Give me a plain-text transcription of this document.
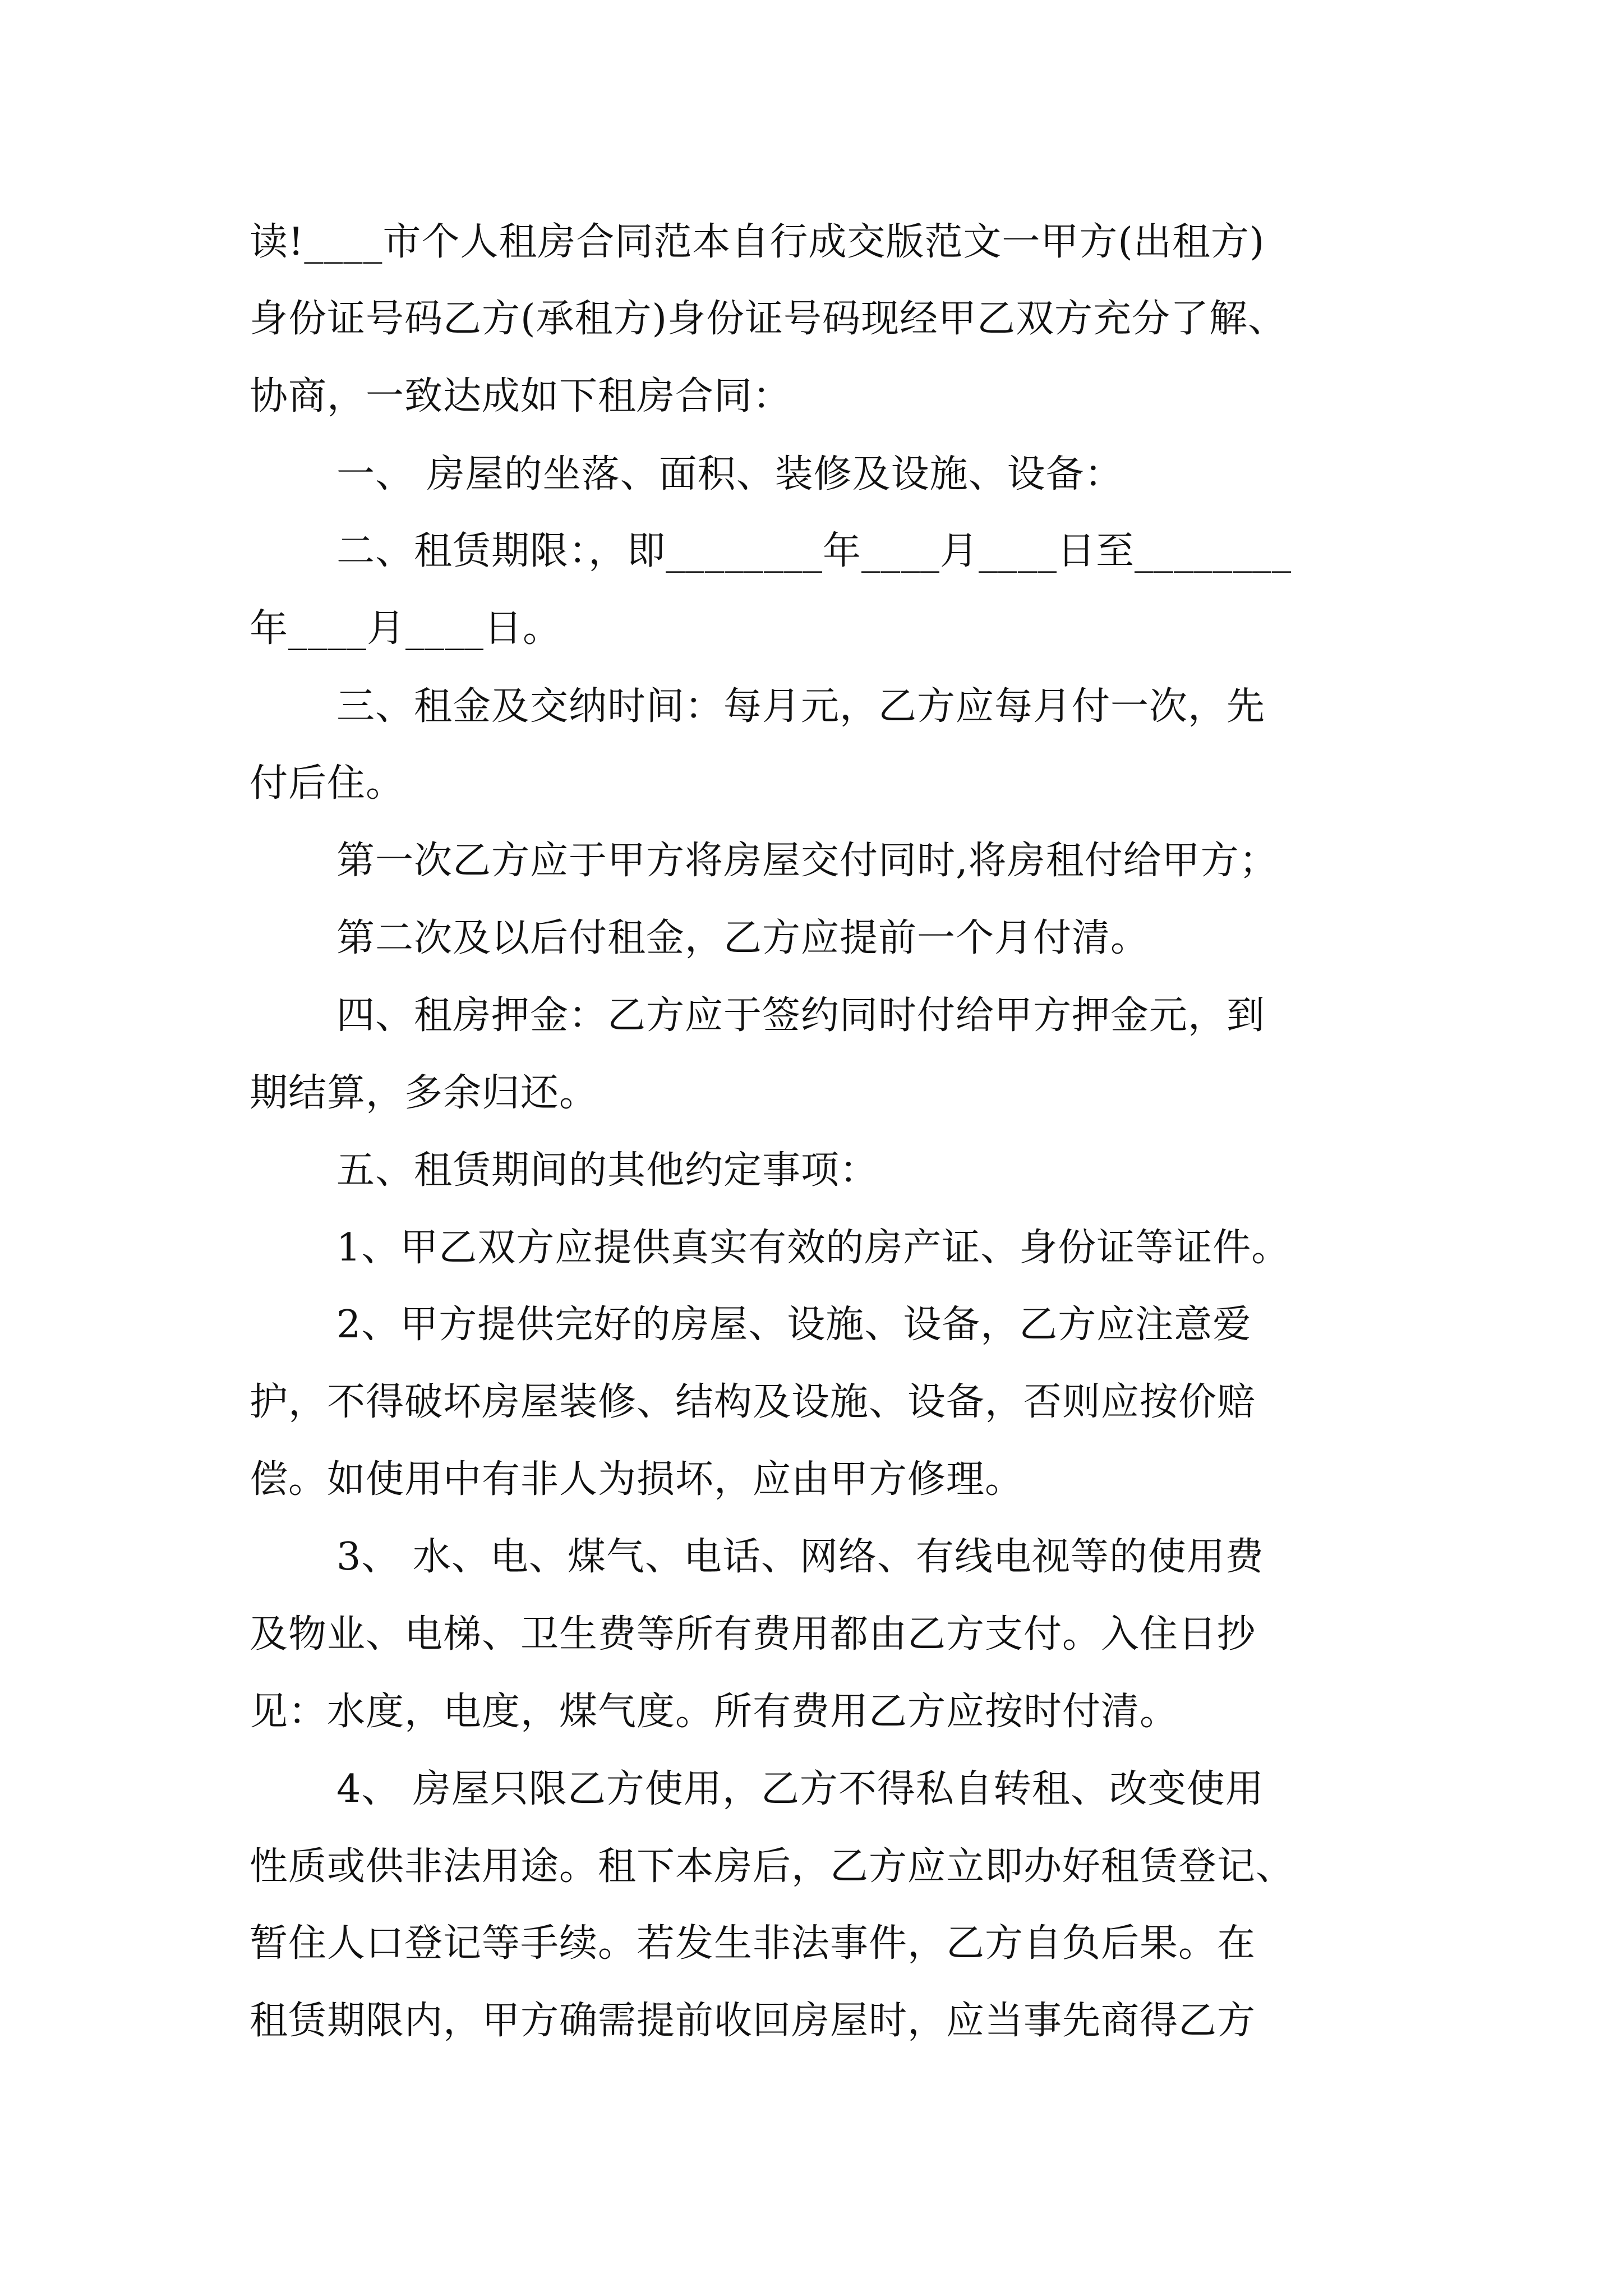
读!____市个人租房合同范本自行成交版范文一甲方(出租方)
身份证号码乙方(承租方)身份证号码现经甲乙双方充分了解、
协商，一致达成如下租房合同：
一、 房屋的坐落、面积、装修及设施、设备：
二、租赁期限：，即________年____月____日至________
年____月____日。
三、租金及交纳时间：每月元，乙方应每月付一次，先
付后住。
第一次乙方应于甲方将房屋交付同时,将房租付给甲方；
第二次及以后付租金，乙方应提前一个月付清。
四、租房押金：乙方应于签约同时付给甲方押金元，到
期结算，多余归还。
五、租赁期间的其他约定事项：
1、甲乙双方应提供真实有效的房产证、身份证等证件。
2、甲方提供完好的房屋、设施、设备，乙方应注意爱
护，不得破坏房屋装修、结构及设施、设备，否则应按价赔
偿。如使用中有非人为损坏，应由甲方修理。
3、 水、电、煤气、电话、网络、有线电视等的使用费
及物业、电梯、卫生费等所有费用都由乙方支付。入住日抄
见：水度，电度，煤气度。所有费用乙方应按时付清。
4、 房屋只限乙方使用，乙方不得私自转租、改变使用
性质或供非法用途。租下本房后，乙方应立即办好租赁登记、
暂住人口登记等手续。若发生非法事件，乙方自负后果。在
租赁期限内，甲方确需提前收回房屋时，应当事先商得乙方
